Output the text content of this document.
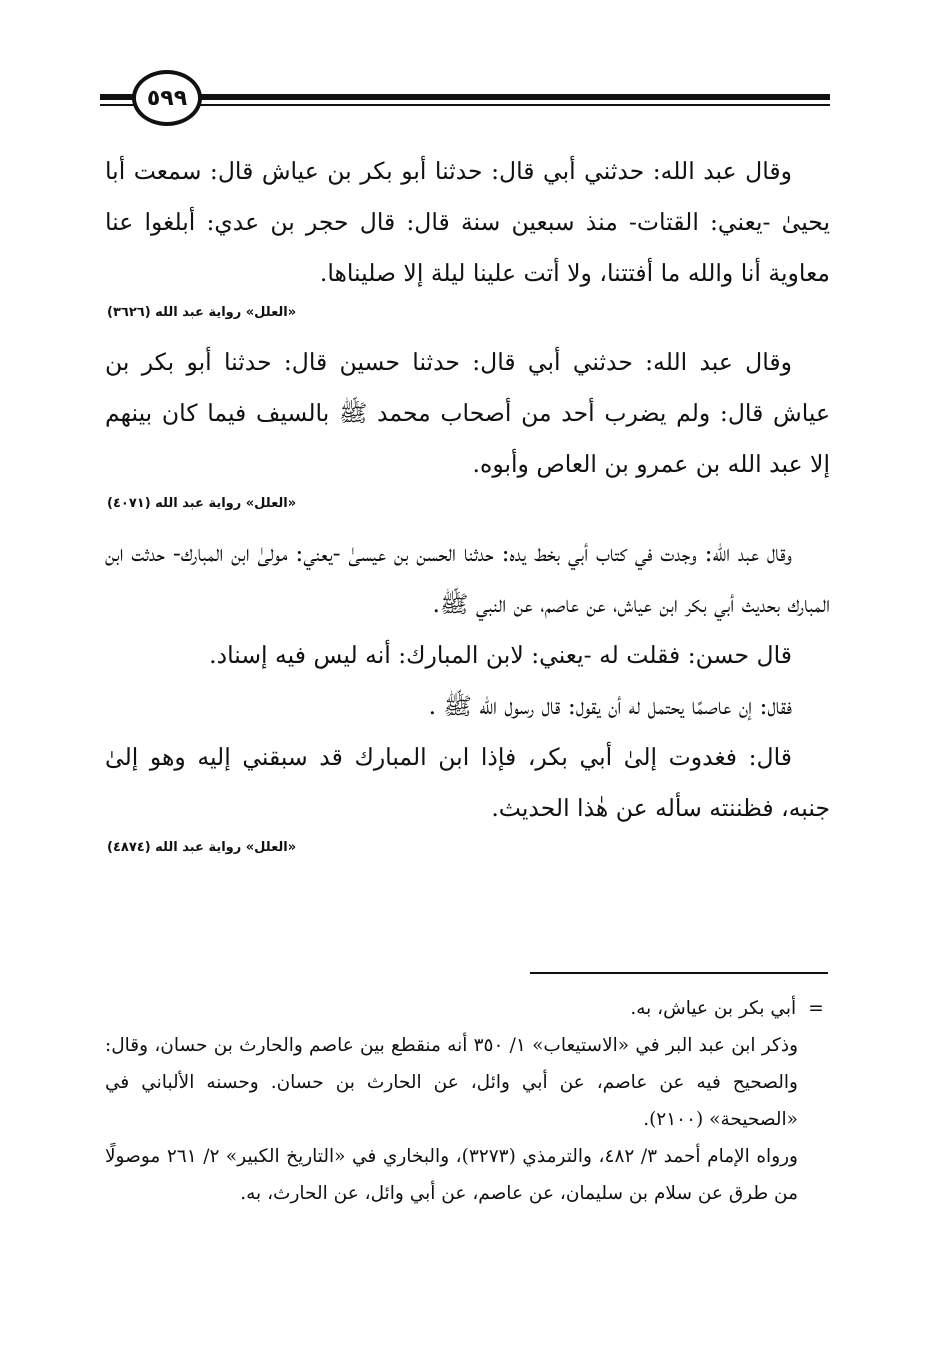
٥٩٩

وقال عبد الله: حدثني أبي قال: حدثنا أبو بكر بن عياش قال: سمعت أبا يحيىٰ -يعني: القتات- منذ سبعين سنة قال: قال حجر بن عدي: أبلغوا عنا معاوية أنا والله ما أفتتنا، ولا أتت علينا ليلة إلا صليناها.

«العلل» رواية عبد الله (٣٦٢٦)

وقال عبد الله: حدثني أبي قال: حدثنا حسين قال: حدثنا أبو بكر بن عياش قال: ولم يضرب أحد من أصحاب محمد ﷺ بالسيف فيما كان بينهم إلا عبد الله بن عمرو بن العاص وأبوه.

«العلل» رواية عبد الله (٤٠٧١)

وقال عبد الله: وجدت في كتاب أبي بخط يده: حدثنا الحسن بن عيسىٰ -يعني: مولىٰ ابن المبارك- حدثت ابن المبارك بحديث أبي بكر ابن عياش، عن عاصم، عن النبي ﷺ.

قال حسن: فقلت له -يعني: لابن المبارك: أنه ليس فيه إسناد.

فقال: إن عاصمًا يحتمل له أن يقول: قال رسول الله ﷺ .

قال: فغدوت إلىٰ أبي بكر، فإذا ابن المبارك قد سبقني إليه وهو إلىٰ جنبه، فظننته سأله عن هٰذا الحديث.

«العلل» رواية عبد الله (٤٨٧٤)

= أبي بكر بن عياش، به.

وذكر ابن عبد البر في «الاستيعاب» ١/ ٣٥٠ أنه منقطع بين عاصم والحارث بن حسان، وقال: والصحيح فيه عن عاصم، عن أبي وائل، عن الحارث بن حسان. وحسنه الألباني في «الصحيحة» (٢١٠٠).

ورواه الإمام أحمد ٣/ ٤٨٢، والترمذي (٣٢٧٣)، والبخاري في «التاريخ الكبير» ٢/ ٢٦١ موصولًا من طرق عن سلام بن سليمان، عن عاصم، عن أبي وائل، عن الحارث، به.
